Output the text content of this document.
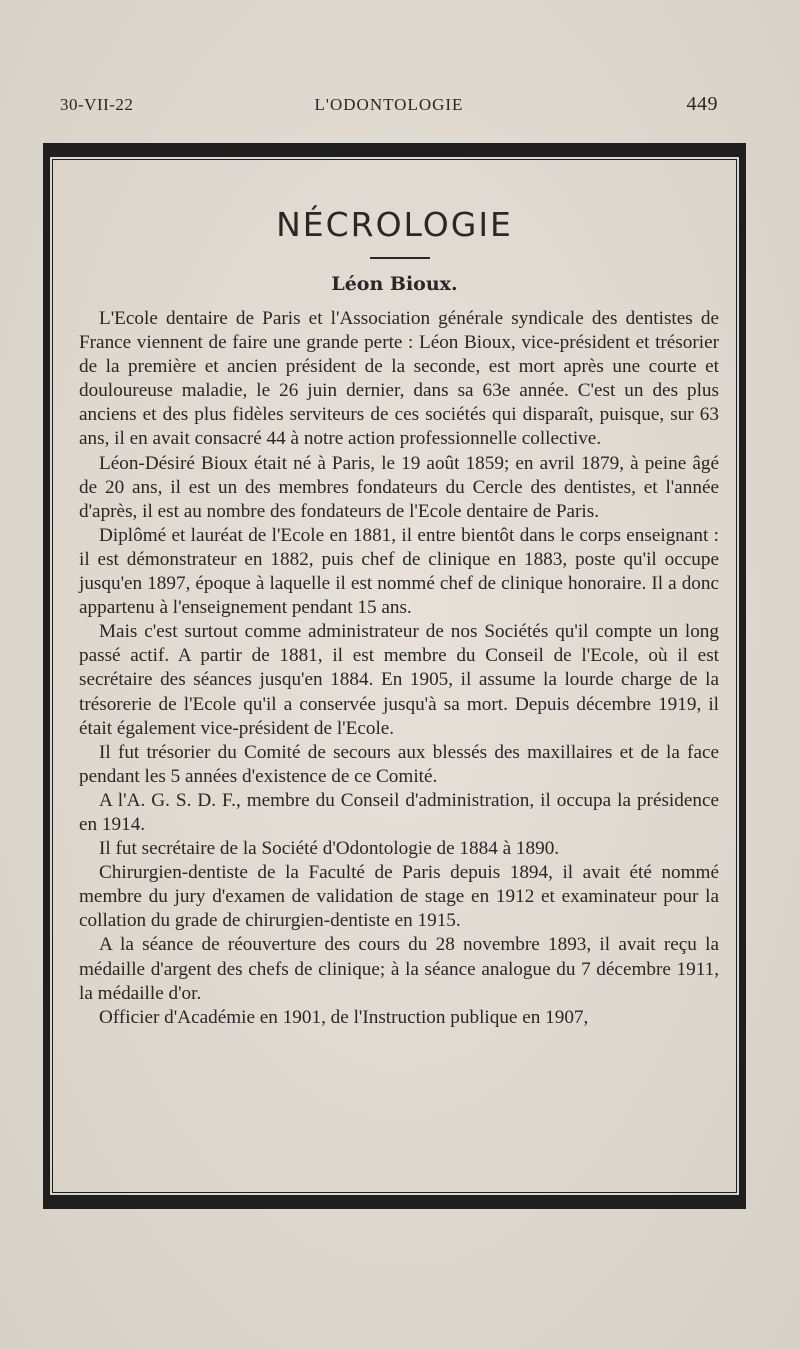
30-VII-22	L'ODONTOLOGIE	449
NÉCROLOGIE
Léon Bioux.

L'Ecole dentaire de Paris et l'Association générale syndicale des dentistes de France viennent de faire une grande perte : Léon Bioux, vice-président et trésorier de la première et ancien président de la seconde, est mort après une courte et douloureuse maladie, le 26 juin dernier, dans sa 63e année. C'est un des plus anciens et des plus fidèles serviteurs de ces sociétés qui disparaît, puisque, sur 63 ans, il en avait consacré 44 à notre action professionnelle collective.

Léon-Désiré Bioux était né à Paris, le 19 août 1859; en avril 1879, à peine âgé de 20 ans, il est un des membres fondateurs du Cercle des dentistes, et l'année d'après, il est au nombre des fondateurs de l'Ecole dentaire de Paris.

Diplômé et lauréat de l'Ecole en 1881, il entre bientôt dans le corps enseignant : il est démonstrateur en 1882, puis chef de clinique en 1883, poste qu'il occupe jusqu'en 1897, époque à laquelle il est nommé chef de clinique honoraire. Il a donc appartenu à l'enseignement pendant 15 ans.

Mais c'est surtout comme administrateur de nos Sociétés qu'il compte un long passé actif. A partir de 1881, il est membre du Conseil de l'Ecole, où il est secrétaire des séances jusqu'en 1884. En 1905, il assume la lourde charge de la trésorerie de l'Ecole qu'il a conservée jusqu'à sa mort. Depuis décembre 1919, il était également vice-président de l'Ecole.

Il fut trésorier du Comité de secours aux blessés des maxillaires et de la face pendant les 5 années d'existence de ce Comité.

A l'A. G. S. D. F., membre du Conseil d'administration, il occupa la présidence en 1914.

Il fut secrétaire de la Société d'Odontologie de 1884 à 1890.

Chirurgien-dentiste de la Faculté de Paris depuis 1894, il avait été nommé membre du jury d'examen de validation de stage en 1912 et examinateur pour la collation du grade de chirurgien-dentiste en 1915.

A la séance de réouverture des cours du 28 novembre 1893, il avait reçu la médaille d'argent des chefs de clinique; à la séance analogue du 7 décembre 1911, la médaille d'or.

Officier d'Académie en 1901, de l'Instruction publique en 1907,
